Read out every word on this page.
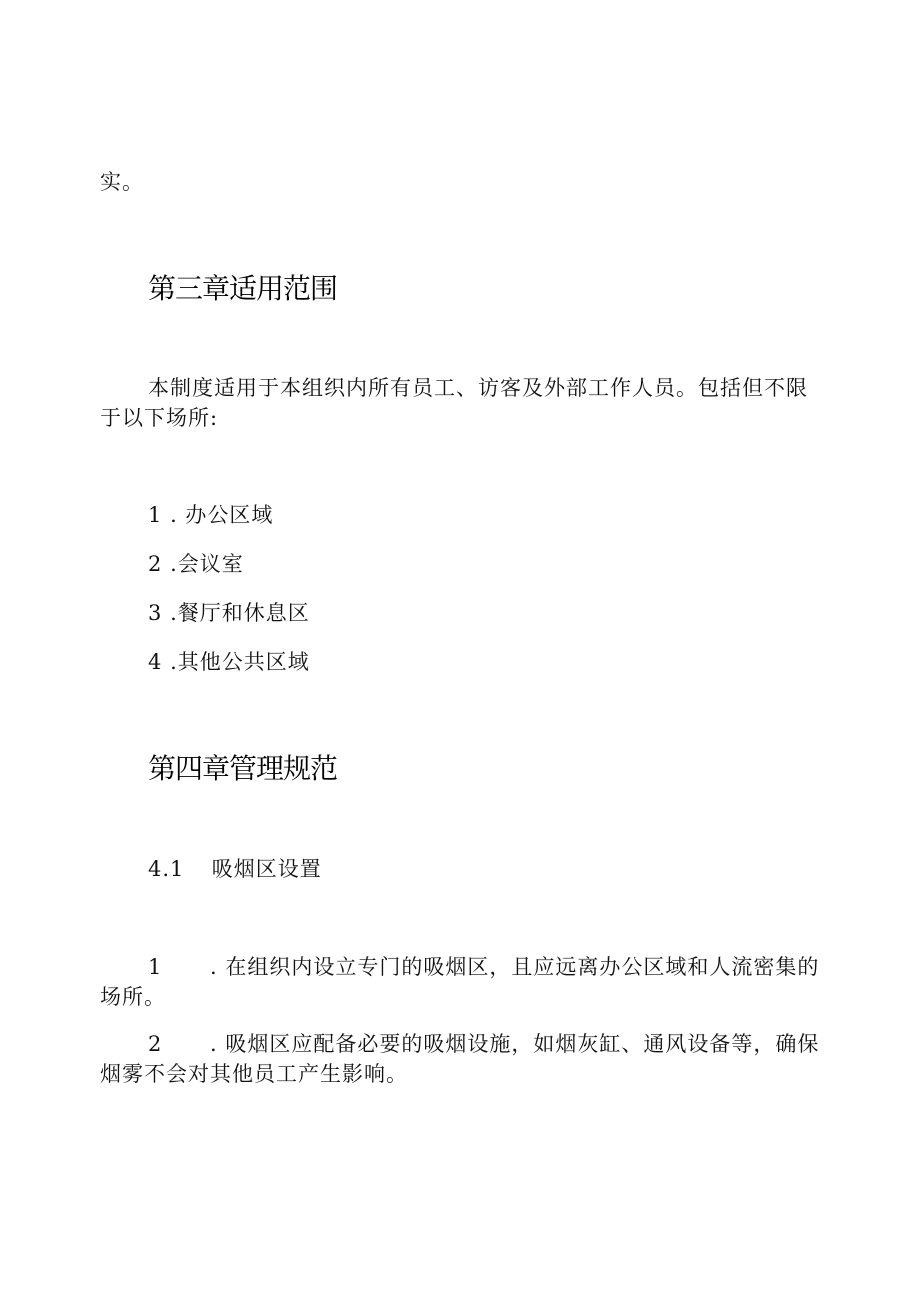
实。
第三章适用范围
本制度适用于本组织内所有员工、访客及外部工作人员。包括但不限
于以下场所:
1 . 办公区域
2 .会议室
3 .餐厅和休息区
4 .其他公共区域
第四章管理规范
4.1 吸烟区设置
1 . 在组织内设立专门的吸烟区，且应远离办公区域和人流密集的
场所。
2 . 吸烟区应配备必要的吸烟设施，如烟灰缸、通风设备等，确保
烟雾不会对其他员工产生影响。
